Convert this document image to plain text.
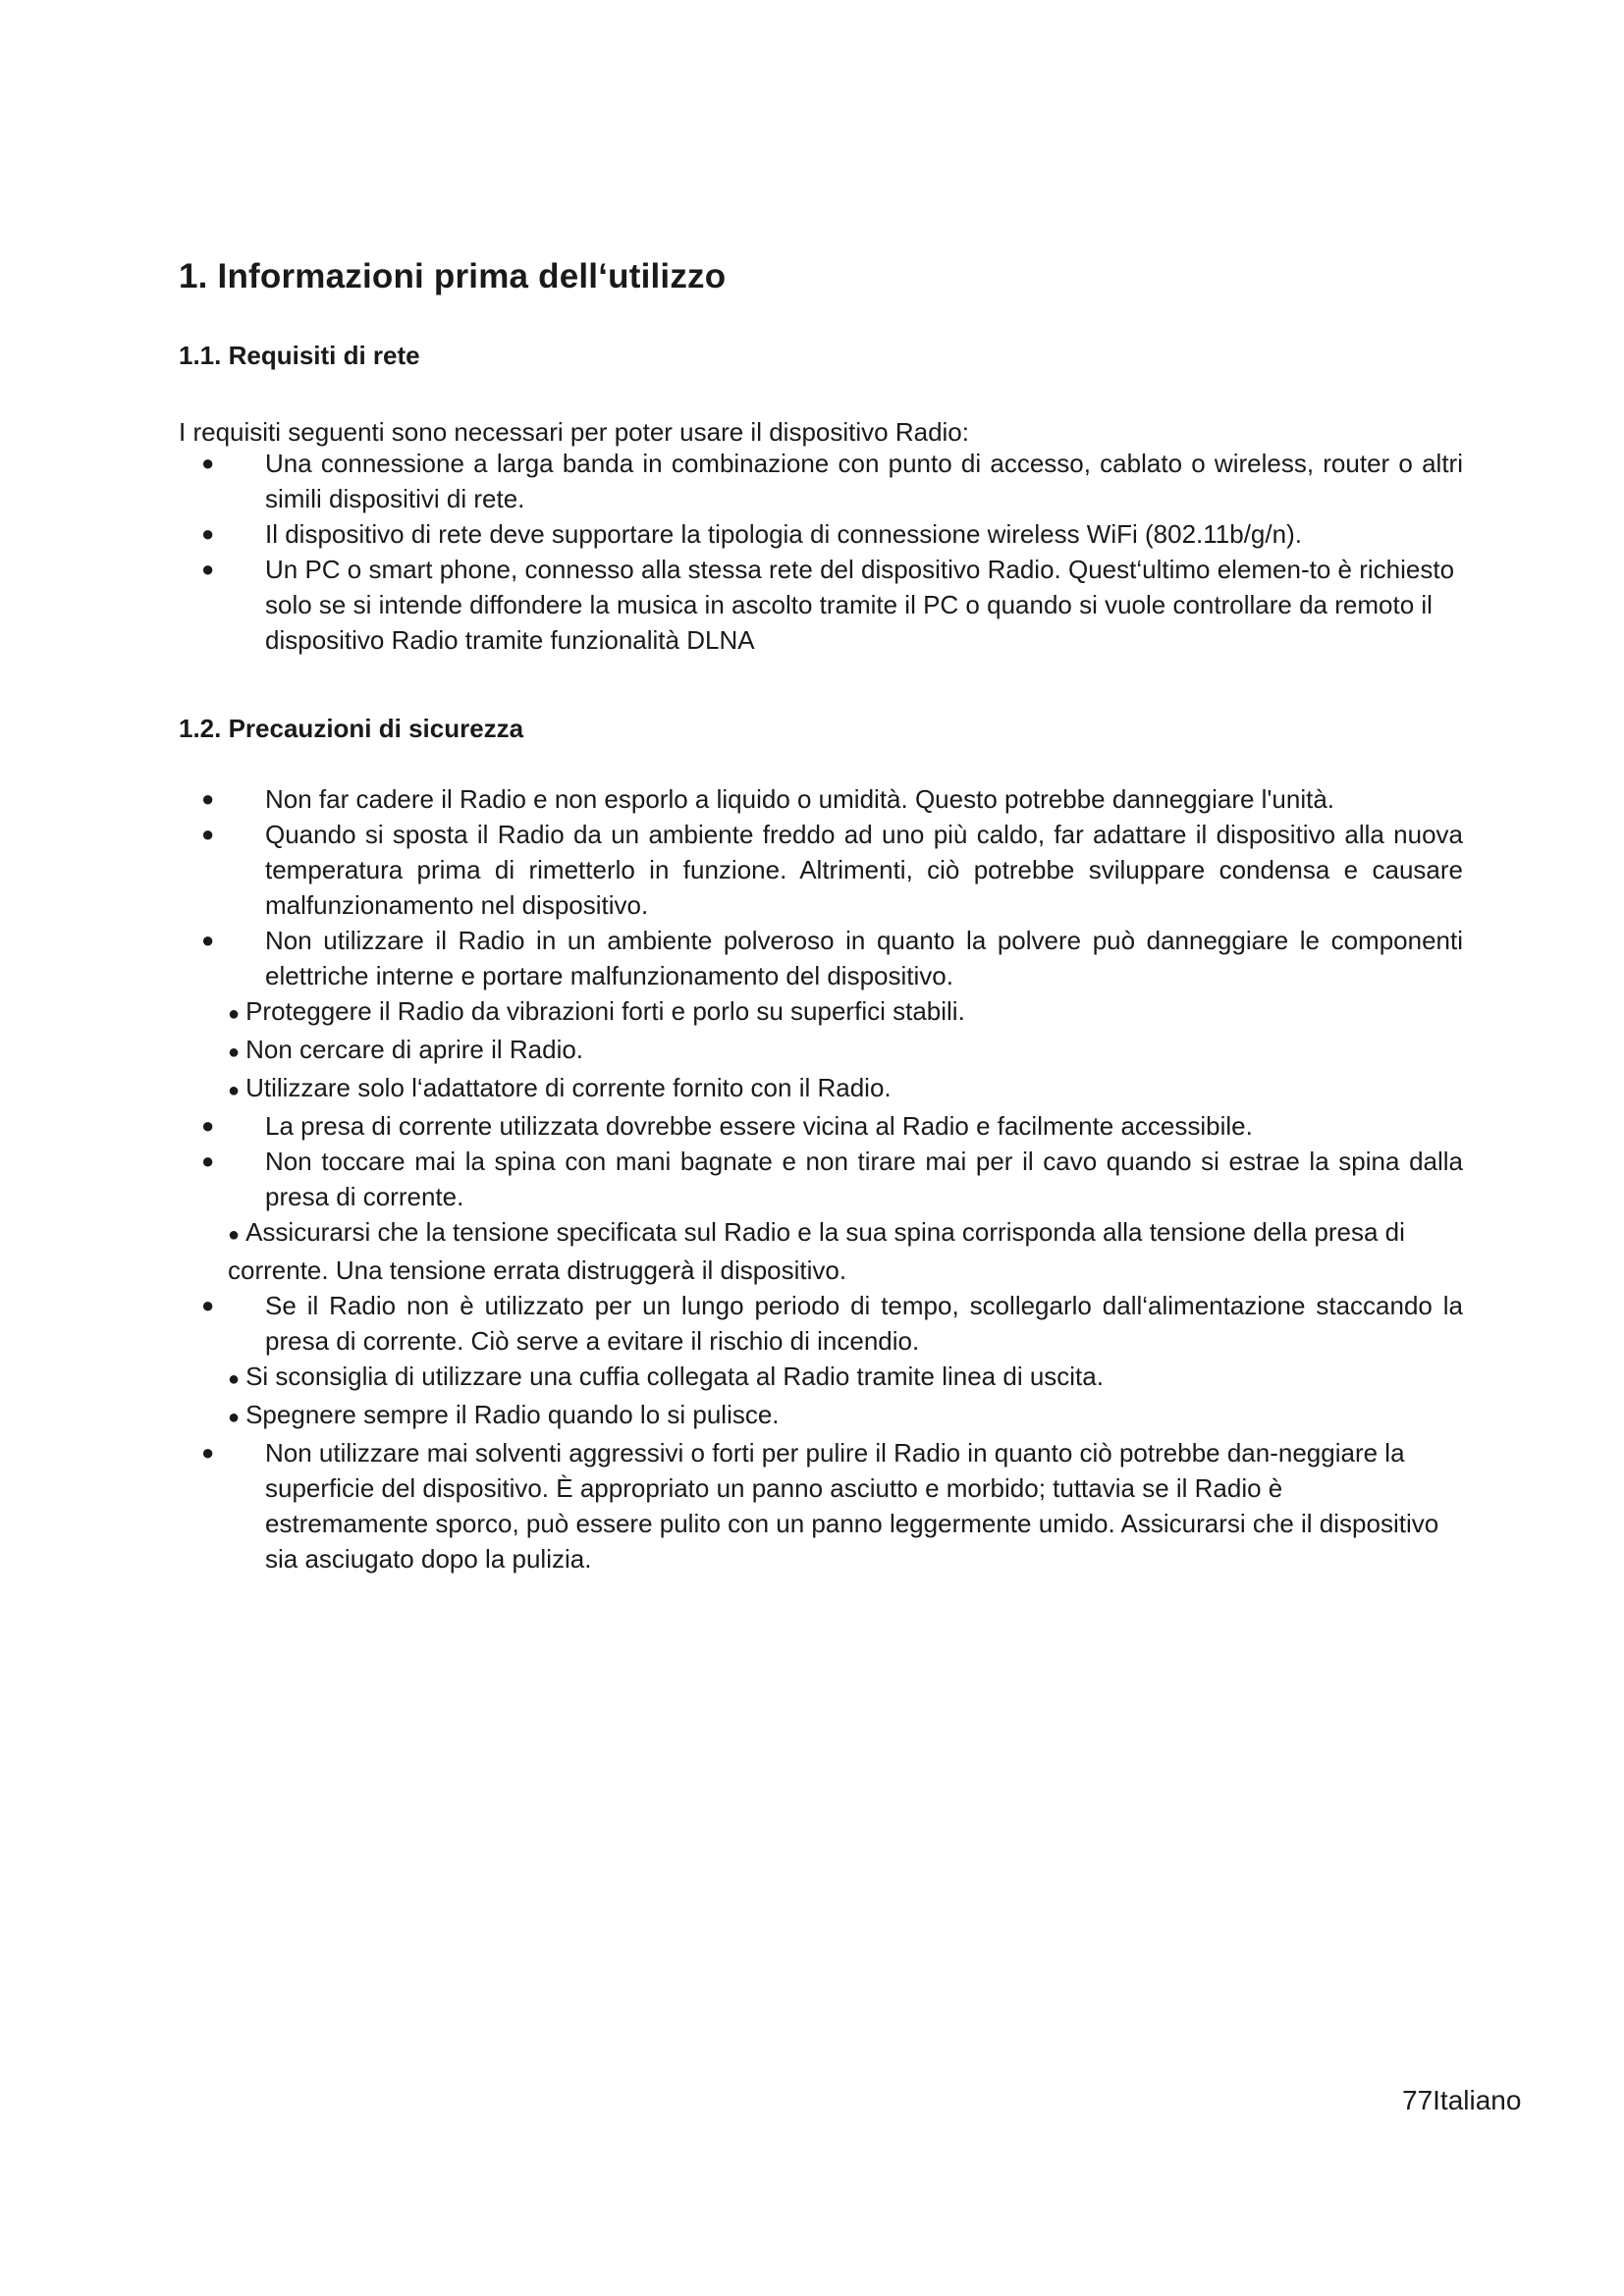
1. Informazioni prima dell‘utilizzo
1.1. Requisiti di rete
I requisiti seguenti sono necessari per poter usare il dispositivo Radio:
● Una connessione a larga banda in combinazione con punto di accesso, cablato o wireless, router o altri simili dispositivi di rete.
● Il dispositivo di rete deve supportare la tipologia di connessione wireless WiFi (802.11b/g/n).
● Un PC o smart phone, connesso alla stessa rete del dispositivo Radio. Quest‘ultimo elemen-to è richiesto solo se si intende diffondere la musica in ascolto tramite il PC o quando si vuole controllare da remoto il dispositivo Radio tramite funzionalità DLNA
1.2. Precauzioni di sicurezza
● Non far cadere il Radio e non esporlo a liquido o umidità. Questo potrebbe danneggiare l'unità.
● Quando si sposta il Radio da un ambiente freddo ad uno più caldo, far adattare il dispositivo alla nuova temperatura prima di rimetterlo in funzione. Altrimenti, ciò potrebbe sviluppare condensa e causare malfunzionamento nel dispositivo.
● Non utilizzare il Radio in un ambiente polveroso in quanto la polvere può danneggiare le componenti elettriche interne e portare malfunzionamento del dispositivo.
● Proteggere il Radio da vibrazioni forti e porlo su superfici stabili.
● Non cercare di aprire il Radio.
● Utilizzare solo l‘adattatore di corrente fornito con il Radio.
● La presa di corrente utilizzata dovrebbe essere vicina al Radio e facilmente accessibile.
● Non toccare mai la spina con mani bagnate e non tirare mai per il cavo quando si estrae la spina dalla presa di corrente.
● Assicurarsi che la tensione specificata sul Radio e la sua spina corrisponda alla tensione della presa di corrente. Una tensione errata distruggerà il dispositivo.
● Se il Radio non è utilizzato per un lungo periodo di tempo, scollegarlo dall‘alimentazione staccando la presa di corrente. Ciò serve a evitare il rischio di incendio.
● Si sconsiglia di utilizzare una cuffia collegata al Radio tramite linea di uscita.
● Spegnere sempre il Radio quando lo si pulisce.
● Non utilizzare mai solventi aggressivi o forti per pulire il Radio in quanto ciò potrebbe dan-neggiare la superficie del dispositivo. È appropriato un panno asciutto e morbido; tuttavia se il Radio è estremamente sporco, può essere pulito con un panno leggermente umido. Assicurarsi che il dispositivo sia asciugato dopo la pulizia.
77Italiano
